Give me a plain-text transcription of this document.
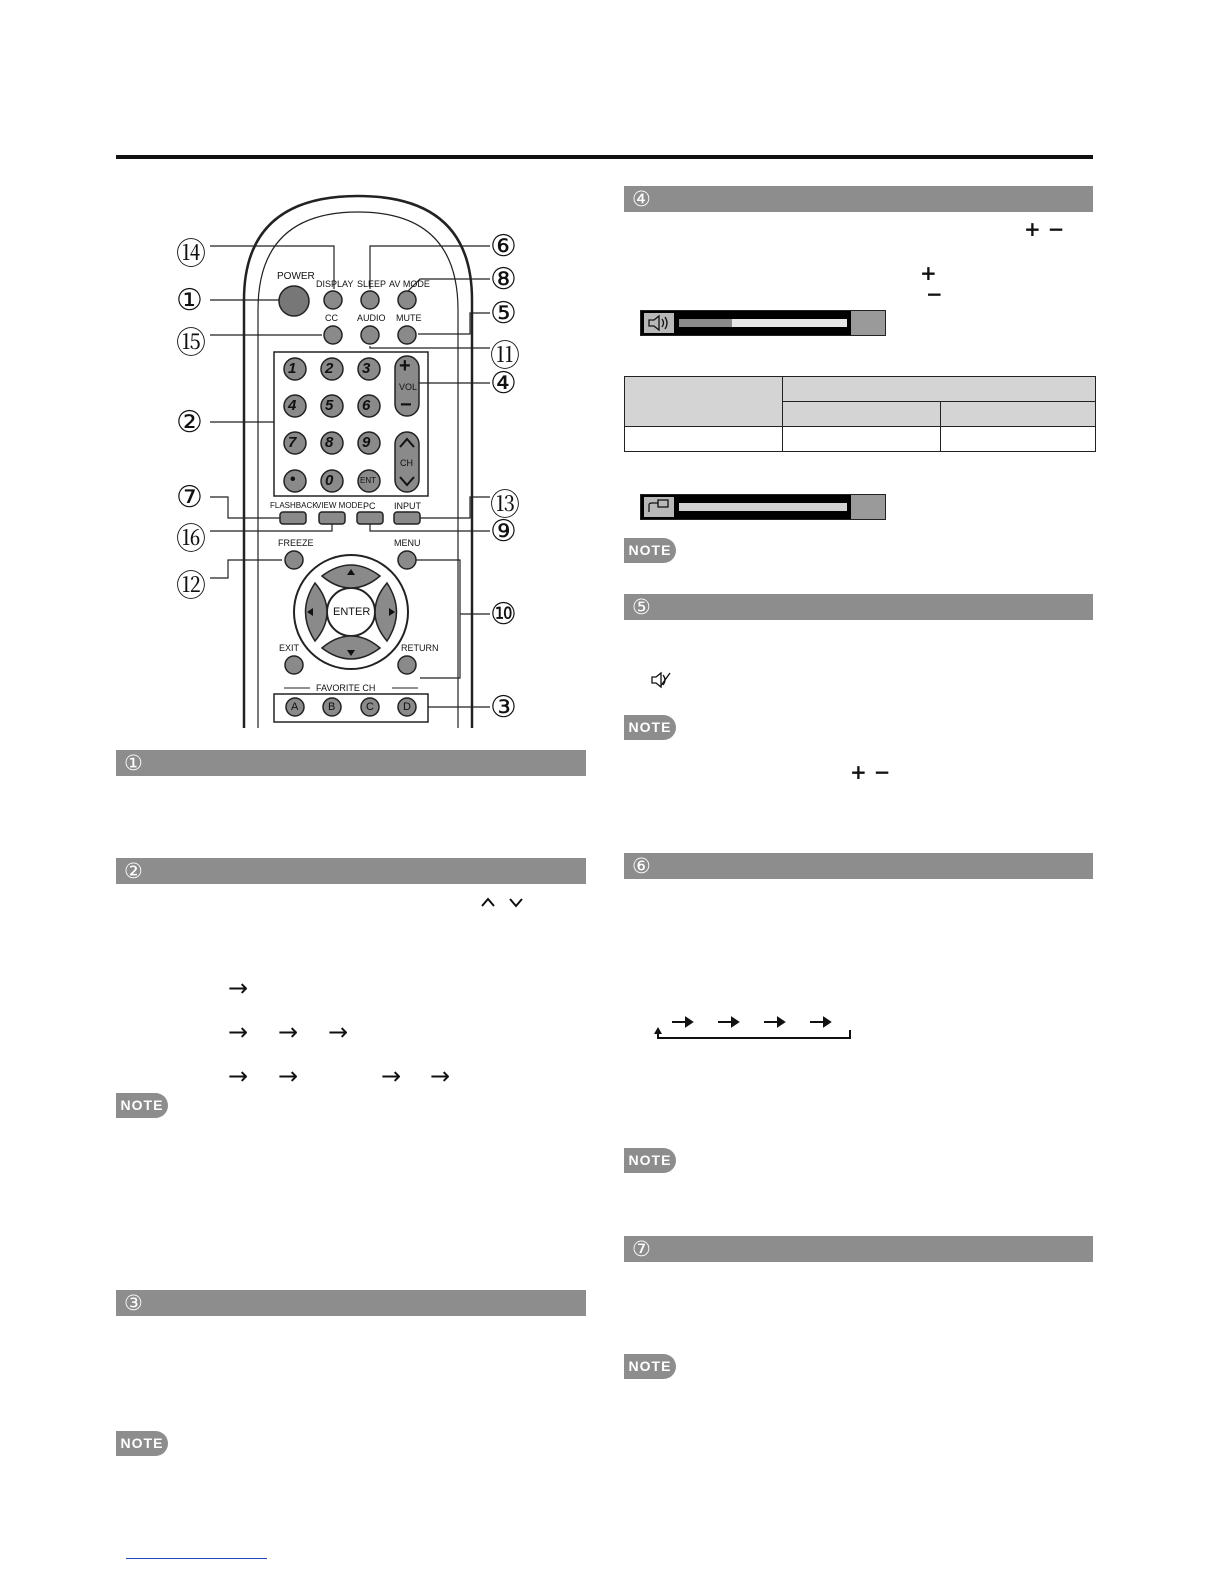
POWER
DISPLAY SLEEP AV MODE
CC AUDIO MUTE
1 2 3
4 5 6
7 8 9
• 0	ENT
+
VOL
−
CH
FLASHBACK
VIEW MODE PC INPUT
FREEZE	MENU
ENTER
EXIT	RETURN
FAVORITE CH
A	B	C	D
⑭	⑥
①
⑧
⑤
⑮	⑪
④
②
⑦	⑬
⑯	⑨
⑫
⑩
③
①
②
→
→ → →
→ →	→ →
NOTE
③
NOTE
④
+ −
+
−

NOTE
⑤
NOTE
+ −
⑥
NOTE
⑦
NOTE
